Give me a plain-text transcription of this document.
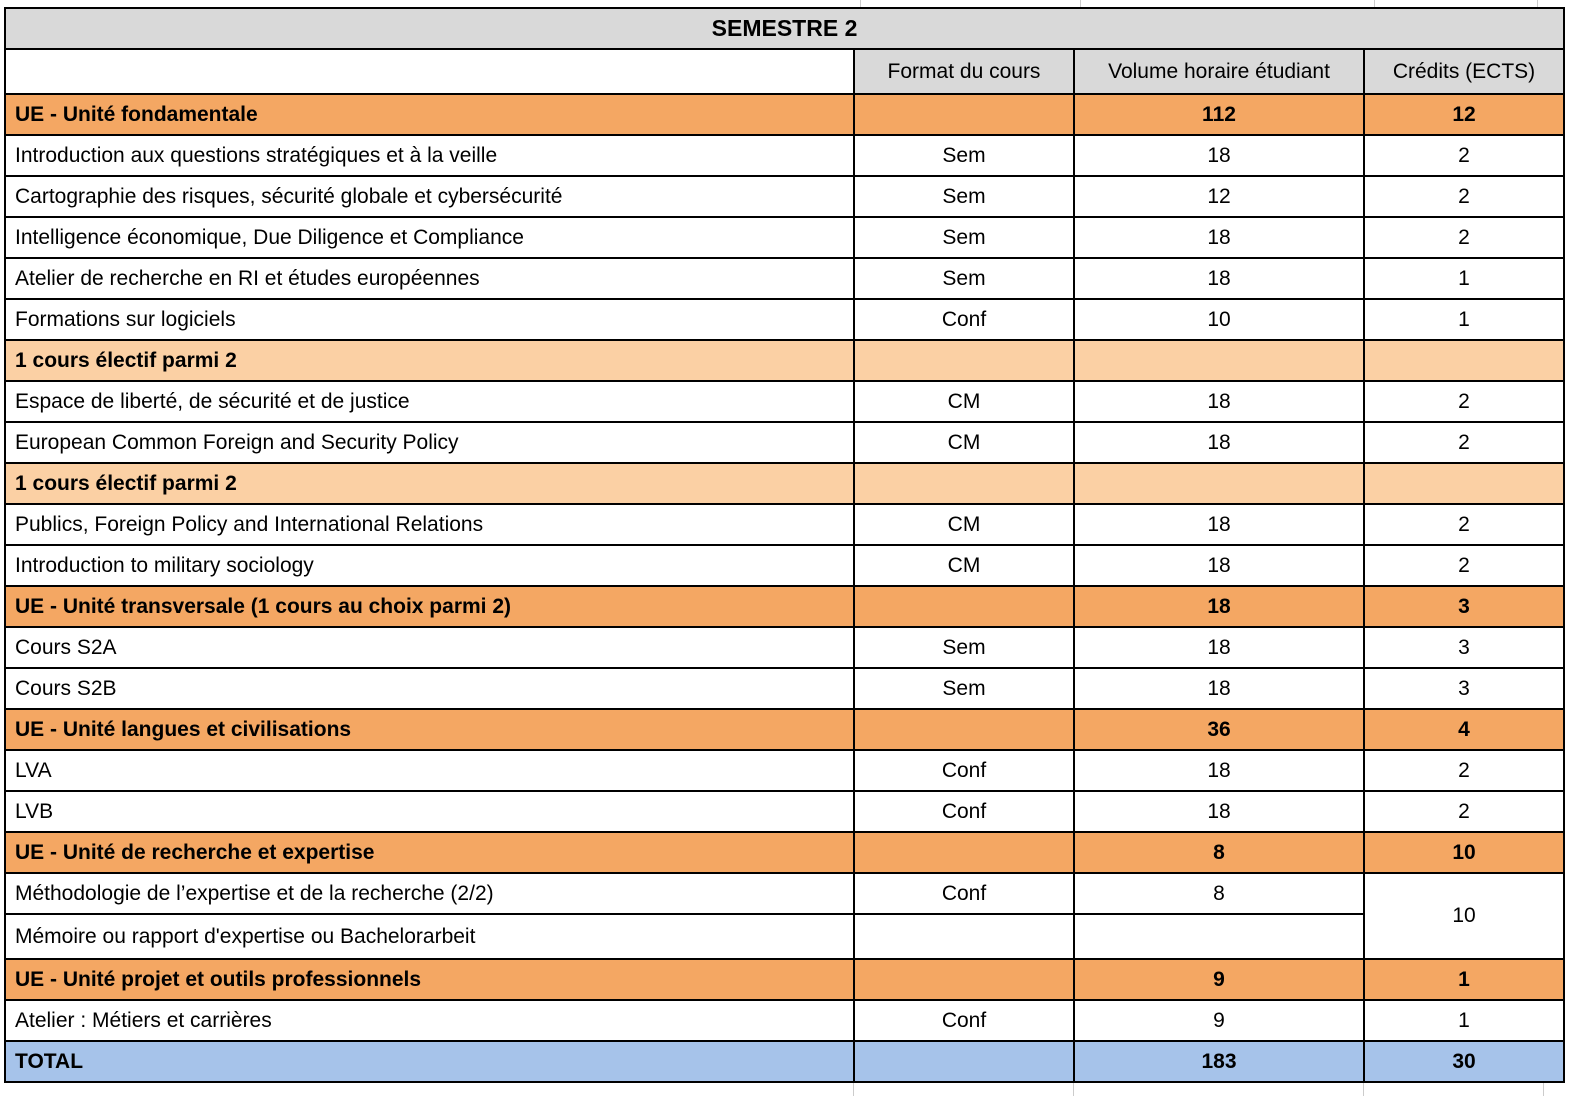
SEMESTRE 2			
	Format du cours	Volume horaire étudiant	Crédits (ECTS)
UE - Unité fondamentale		112	12
Introduction aux questions stratégiques et à la veille	Sem	18	2
Cartographie des risques, sécurité globale et cybersécurité	Sem	12	2
Intelligence économique, Due Diligence et Compliance	Sem	18	2
Atelier de recherche en RI et études européennes	Sem	18	1
Formations sur logiciels	Conf	10	1
1 cours électif parmi 2			
Espace de liberté, de sécurité et de justice	CM	18	2
European Common Foreign and Security Policy	CM	18	2
1 cours électif parmi 2			
Publics, Foreign Policy and International Relations	CM	18	2
Introduction to military sociology	CM	18	2
UE - Unité transversale (1 cours au choix parmi 2)		18	3
Cours S2A	Sem	18	3
Cours S2B	Sem	18	3
UE - Unité langues et civilisations		36	4
LVA	Conf	18	2
LVB	Conf	18	2
UE - Unité de recherche et expertise		8	10
Méthodologie de l’expertise et de la recherche (2/2)	Conf	8	10
Mémoire ou rapport d'expertise ou Bachelorarbeit			
UE - Unité projet et outils professionnels		9	1
Atelier : Métiers et carrières	Conf	9	1
TOTAL		183	30
